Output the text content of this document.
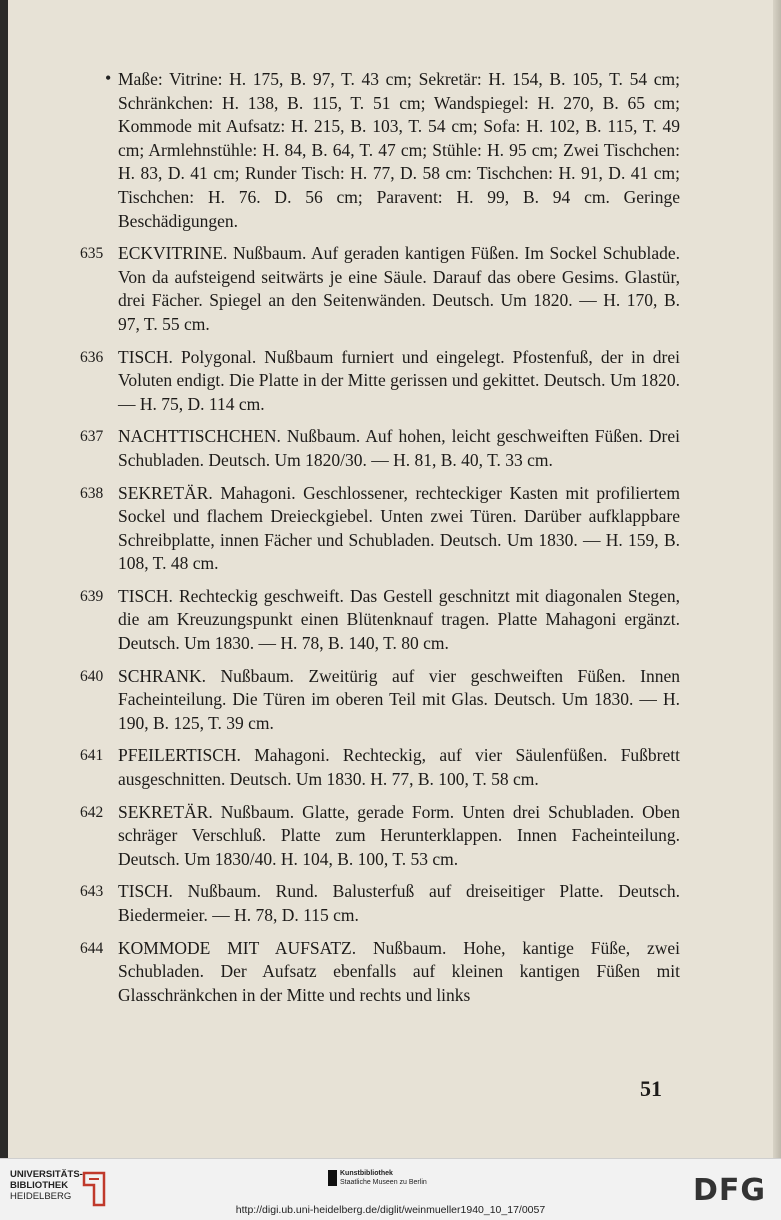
• Maße: Vitrine: H. 175, B. 97, T. 43 cm; Sekretär: H. 154, B. 105, T. 54 cm; Schränkchen: H. 138, B. 115, T. 51 cm; Wandspiegel: H. 270, B. 65 cm; Kommode mit Aufsatz: H. 215, B. 103, T. 54 cm; Sofa: H. 102, B. 115, T. 49 cm; Armlehnstühle: H. 84, B. 64, T. 47 cm; Stühle: H. 95 cm; Zwei Tischchen: H. 83, D. 41 cm; Runder Tisch: H. 77, D. 58 cm: Tischchen: H. 91, D. 41 cm; Tischchen: H. 76. D. 56 cm; Paravent: H. 99, B. 94 cm. Geringe Beschädigungen.
635 ECKVITRINE. Nußbaum. Auf geraden kantigen Füßen. Im Sockel Schublade. Von da aufsteigend seitwärts je eine Säule. Darauf das obere Gesims. Glastür, drei Fächer. Spiegel an den Seitenwänden. Deutsch. Um 1820. — H. 170, B. 97, T. 55 cm.
636 TISCH. Polygonal. Nußbaum furniert und eingelegt. Pfostenfuß, der in drei Voluten endigt. Die Platte in der Mitte gerissen und gekittet. Deutsch. Um 1820. — H. 75, D. 114 cm.
637 NACHTTISCHCHEN. Nußbaum. Auf hohen, leicht geschweiften Füßen. Drei Schubladen. Deutsch. Um 1820/30. — H. 81, B. 40, T. 33 cm.
638 SEKRETÄR. Mahagoni. Geschlossener, rechteckiger Kasten mit profiliertem Sockel und flachem Dreieckgiebel. Unten zwei Türen. Darüber aufklappbare Schreibplatte, innen Fächer und Schubladen. Deutsch. Um 1830. — H. 159, B. 108, T. 48 cm.
639 TISCH. Rechteckig geschweift. Das Gestell geschnitzt mit diagonalen Stegen, die am Kreuzungspunkt einen Blütenknauf tragen. Platte Mahagoni ergänzt. Deutsch. Um 1830. — H. 78, B. 140, T. 80 cm.
640 SCHRANK. Nußbaum. Zweitürig auf vier geschweiften Füßen. Innen Facheinteilung. Die Türen im oberen Teil mit Glas. Deutsch. Um 1830. — H. 190, B. 125, T. 39 cm.
641 PFEILERTISCH. Mahagoni. Rechteckig, auf vier Säulenfüßen. Fußbrett ausgeschnitten. Deutsch. Um 1830. H. 77, B. 100, T. 58 cm.
642 SEKRETÄR. Nußbaum. Glatte, gerade Form. Unten drei Schubladen. Oben schräger Verschluß. Platte zum Herunterklappen. Innen Facheinteilung. Deutsch. Um 1830/40. H. 104, B. 100, T. 53 cm.
643 TISCH. Nußbaum. Rund. Balusterfuß auf dreiseitiger Platte. Deutsch. Biedermeier. — H. 78, D. 115 cm.
644 KOMMODE MIT AUFSATZ. Nußbaum. Hohe, kantige Füße, zwei Schubladen. Der Aufsatz ebenfalls auf kleinen kantigen Füßen mit Glasschränkchen in der Mitte und rechts und links
51
UNIVERSITÄTS-
BIBLIOTHEK
HEIDELBERG
Kunstbibliothek
Staatliche Museen zu Berlin	DFG
http://digi.ub.uni-heidelberg.de/diglit/weinmueller1940_10_17/0057
